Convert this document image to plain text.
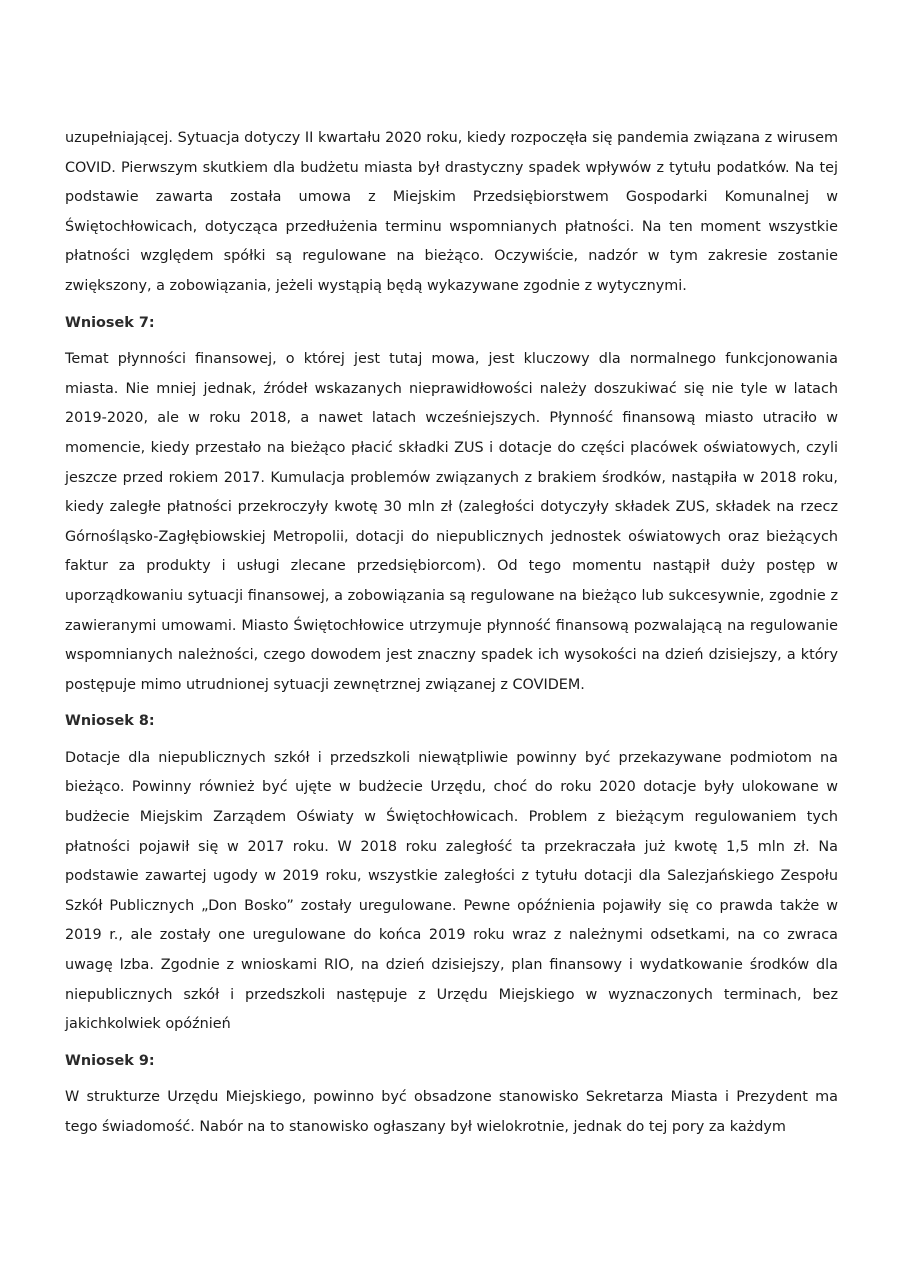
uzupełniającej. Sytuacja dotyczy II kwartału 2020 roku, kiedy rozpoczęła się pandemia związana z wirusem COVID. Pierwszym skutkiem dla budżetu miasta był drastyczny spadek wpływów z tytułu podatków. Na tej podstawie zawarta została umowa z Miejskim Przedsiębiorstwem Gospodarki Komunalnej w Świętochłowicach, dotycząca przedłużenia terminu wspomnianych płatności. Na ten moment wszystkie płatności względem spółki są regulowane na bieżąco. Oczywiście, nadzór w tym zakresie zostanie zwiększony, a zobowiązania, jeżeli wystąpią będą wykazywane zgodnie z wytycznymi.

Wniosek 7:

Temat płynności finansowej, o której jest tutaj mowa, jest kluczowy dla normalnego funkcjonowania miasta. Nie mniej jednak, źródeł wskazanych nieprawidłowości należy doszukiwać się nie tyle w latach 2019-2020, ale w roku 2018, a nawet latach wcześniejszych. Płynność finansową miasto utraciło w momencie, kiedy przestało na bieżąco płacić składki ZUS i dotacje do części placówek oświatowych, czyli jeszcze przed rokiem 2017. Kumulacja problemów związanych z brakiem środków, nastąpiła w 2018 roku, kiedy zaległe płatności przekroczyły kwotę 30 mln zł (zaległości dotyczyły składek ZUS, składek na rzecz Górnośląsko-Zagłębiowskiej Metropolii, dotacji do niepublicznych jednostek oświatowych oraz bieżących faktur za produkty i usługi zlecane przedsiębiorcom). Od tego momentu nastąpił duży postęp w uporządkowaniu sytuacji finansowej, a zobowiązania są regulowane na bieżąco lub sukcesywnie, zgodnie z zawieranymi umowami. Miasto Świętochłowice utrzymuje płynność finansową pozwalającą na regulowanie wspomnianych należności, czego dowodem jest znaczny spadek ich wysokości na dzień dzisiejszy, a który postępuje mimo utrudnionej sytuacji zewnętrznej związanej z COVIDEM.

Wniosek 8:

Dotacje dla niepublicznych szkół i przedszkoli niewątpliwie powinny być przekazywane podmiotom na bieżąco. Powinny również być ujęte w budżecie Urzędu, choć do roku 2020 dotacje były ulokowane w budżecie Miejskim Zarządem Oświaty w Świętochłowicach. Problem z bieżącym regulowaniem tych płatności pojawił się w 2017 roku. W 2018 roku zaległość ta przekraczała już kwotę 1,5 mln zł. Na podstawie zawartej ugody w 2019 roku, wszystkie zaległości z tytułu dotacji dla Salezjańskiego Zespołu Szkół Publicznych „Don Bosko” zostały uregulowane. Pewne opóźnienia pojawiły się co prawda także w 2019 r., ale zostały one uregulowane do końca 2019 roku wraz z należnymi odsetkami, na co zwraca uwagę Izba. Zgodnie z wnioskami RIO, na dzień dzisiejszy, plan finansowy i wydatkowanie środków dla niepublicznych szkół i przedszkoli następuje z Urzędu Miejskiego w wyznaczonych terminach, bez jakichkolwiek opóźnień

Wniosek 9:

W strukturze Urzędu Miejskiego, powinno być obsadzone stanowisko Sekretarza Miasta i Prezydent ma tego świadomość. Nabór na to stanowisko ogłaszany był wielokrotnie, jednak do tej pory za każdym
